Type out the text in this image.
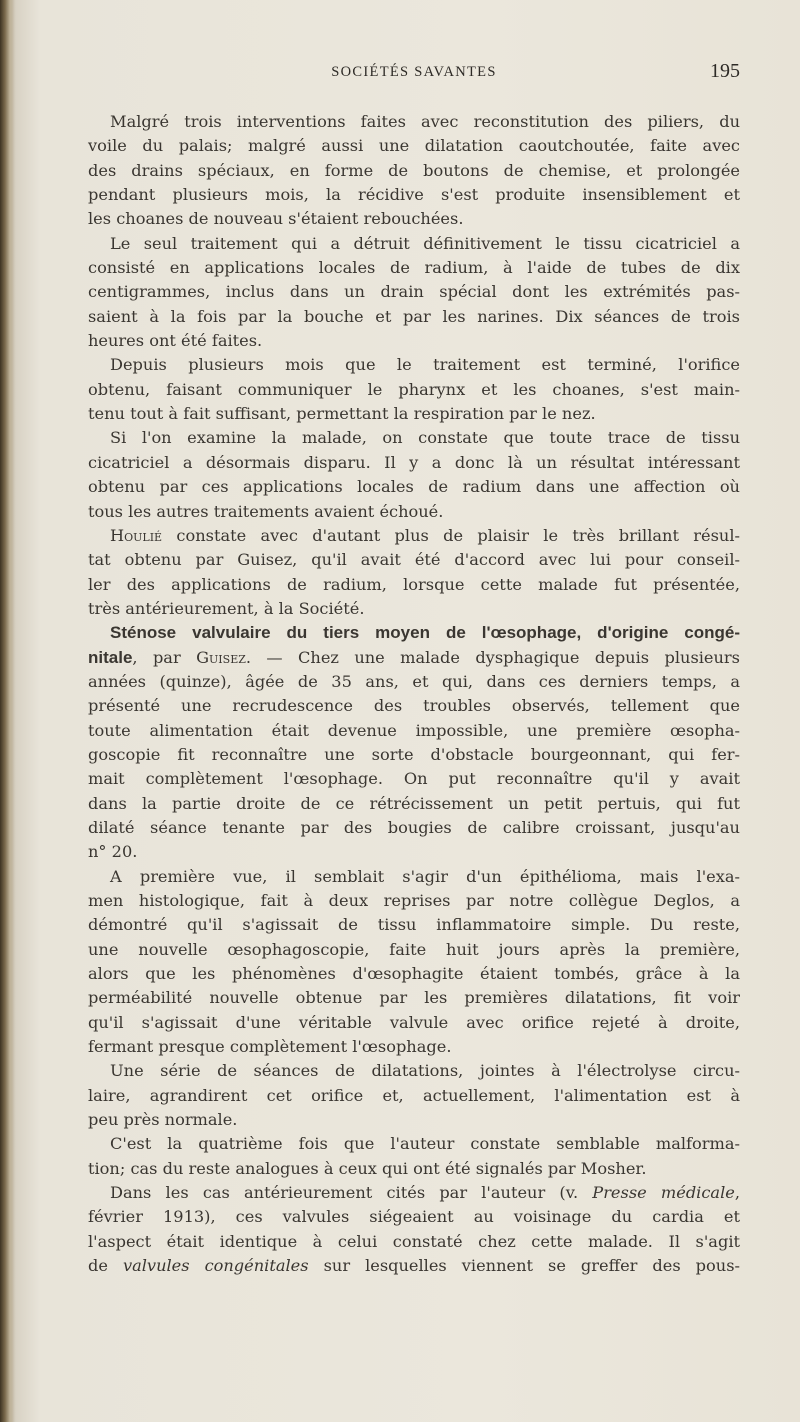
SOCIÉTÉS SAVANTES	195
Malgré trois interventions faites avec reconstitution des piliers, du
voile du palais; malgré aussi une dilatation caoutchoutée, faite avec
des drains spéciaux, en forme de boutons de chemise, et prolongée
pendant plusieurs mois, la récidive s'est produite insensiblement et
les choanes de nouveau s'étaient rebouchées.
Le seul traitement qui a détruit définitivement le tissu cicatriciel a
consisté en applications locales de radium, à l'aide de tubes de dix
centigrammes, inclus dans un drain spécial dont les extrémités pas-
saient à la fois par la bouche et par les narines. Dix séances de trois
heures ont été faites.
Depuis plusieurs mois que le traitement est terminé, l'orifice
obtenu, faisant communiquer le pharynx et les choanes, s'est main-
tenu tout à fait suffisant, permettant la respiration par le nez.
Si l'on examine la malade, on constate que toute trace de tissu
cicatriciel a désormais disparu. Il y a donc là un résultat intéressant
obtenu par ces applications locales de radium dans une affection où
tous les autres traitements avaient échoué.
Houlié constate avec d'autant plus de plaisir le très brillant résul-
tat obtenu par Guisez, qu'il avait été d'accord avec lui pour conseil-
ler des applications de radium, lorsque cette malade fut présentée,
très antérieurement, à la Société.
Sténose valvulaire du tiers moyen de l'œsophage, d'origine congé-
nitale, par Guisez. — Chez une malade dysphagique depuis plusieurs
années (quinze), âgée de 35 ans, et qui, dans ces derniers temps, a
présenté une recrudescence des troubles observés, tellement que
toute alimentation était devenue impossible, une première œsopha-
goscopie fit reconnaître une sorte d'obstacle bourgeonnant, qui fer-
mait complètement l'œsophage. On put reconnaître qu'il y avait
dans la partie droite de ce rétrécissement un petit pertuis, qui fut
dilaté séance tenante par des bougies de calibre croissant, jusqu'au
n° 20.
A première vue, il semblait s'agir d'un épithélioma, mais l'exa-
men histologique, fait à deux reprises par notre collègue Deglos, a
démontré qu'il s'agissait de tissu inflammatoire simple. Du reste,
une nouvelle œsophagoscopie, faite huit jours après la première,
alors que les phénomènes d'œsophagite étaient tombés, grâce à la
perméabilité nouvelle obtenue par les premières dilatations, fit voir
qu'il s'agissait d'une véritable valvule avec orifice rejeté à droite,
fermant presque complètement l'œsophage.
Une série de séances de dilatations, jointes à l'électrolyse circu-
laire, agrandirent cet orifice et, actuellement, l'alimentation est à
peu près normale.
C'est la quatrième fois que l'auteur constate semblable malforma-
tion; cas du reste analogues à ceux qui ont été signalés par Mosher.
Dans les cas antérieurement cités par l'auteur (v. Presse médicale,
février 1913), ces valvules siégeaient au voisinage du cardia et
l'aspect était identique à celui constaté chez cette malade. Il s'agit
de valvules congénitales sur lesquelles viennent se greffer des pous-
